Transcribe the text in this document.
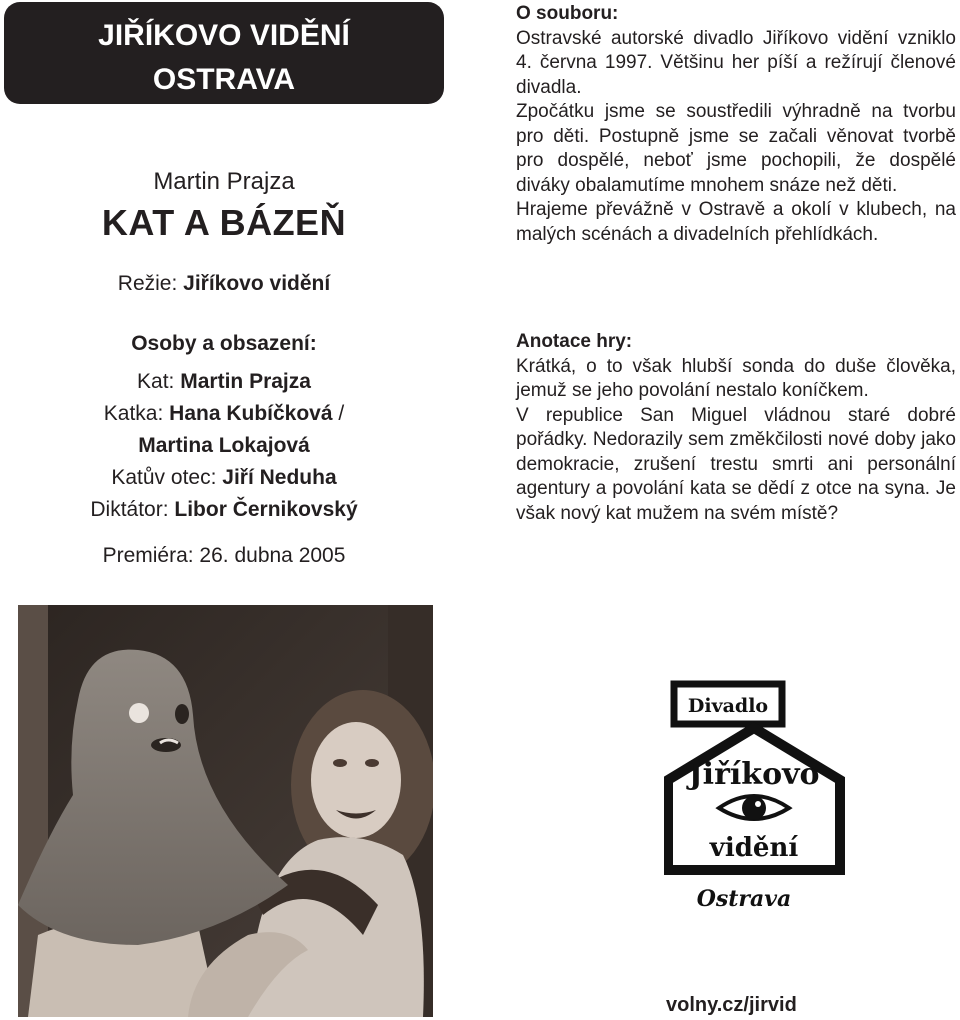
JIŘÍKOVO VIDĚNÍ
OSTRAVA
Martin Prajza
KAT A BÁZEŇ
Režie: Jiříkovo vidění
Osoby a obsazení:
Kat: Martin Prajza
Katka: Hana Kubíčková /
Martina Lokajová
Katův otec: Jiří Neduha
Diktátor: Libor Černikovský
Premiéra: 26. dubna 2005
O souboru:

Ostravské autorské divadlo Jiříkovo vidění vzniklo 4. června 1997. Většinu her píší a režírují členové divadla.

Zpočátku jsme se soustředili výhradně na tvorbu pro děti. Postupně jsme se začali věnovat tvorbě pro dospělé, neboť jsme pochopili, že dospělé diváky obalamutíme mnohem snáze než děti.

Hrajeme převážně v Ostravě a okolí v klubech, na malých scénách a divadelních přehlídkách.

Anotace hry:

Krátká, o to však hlubší sonda do duše člověka, jemuž se jeho povolání nestalo koníčkem.

V republice San Miguel vládnou staré dobré pořádky. Nedorazily sem změkčilosti nové doby jako demokracie, zrušení trestu smrti ani personální agentury a povolání kata se dědí z otce na syna. Je však nový kat mužem na svém místě?

Divadlo
Jiříkovo
vidění
Ostrava
volny.cz/jirvid
